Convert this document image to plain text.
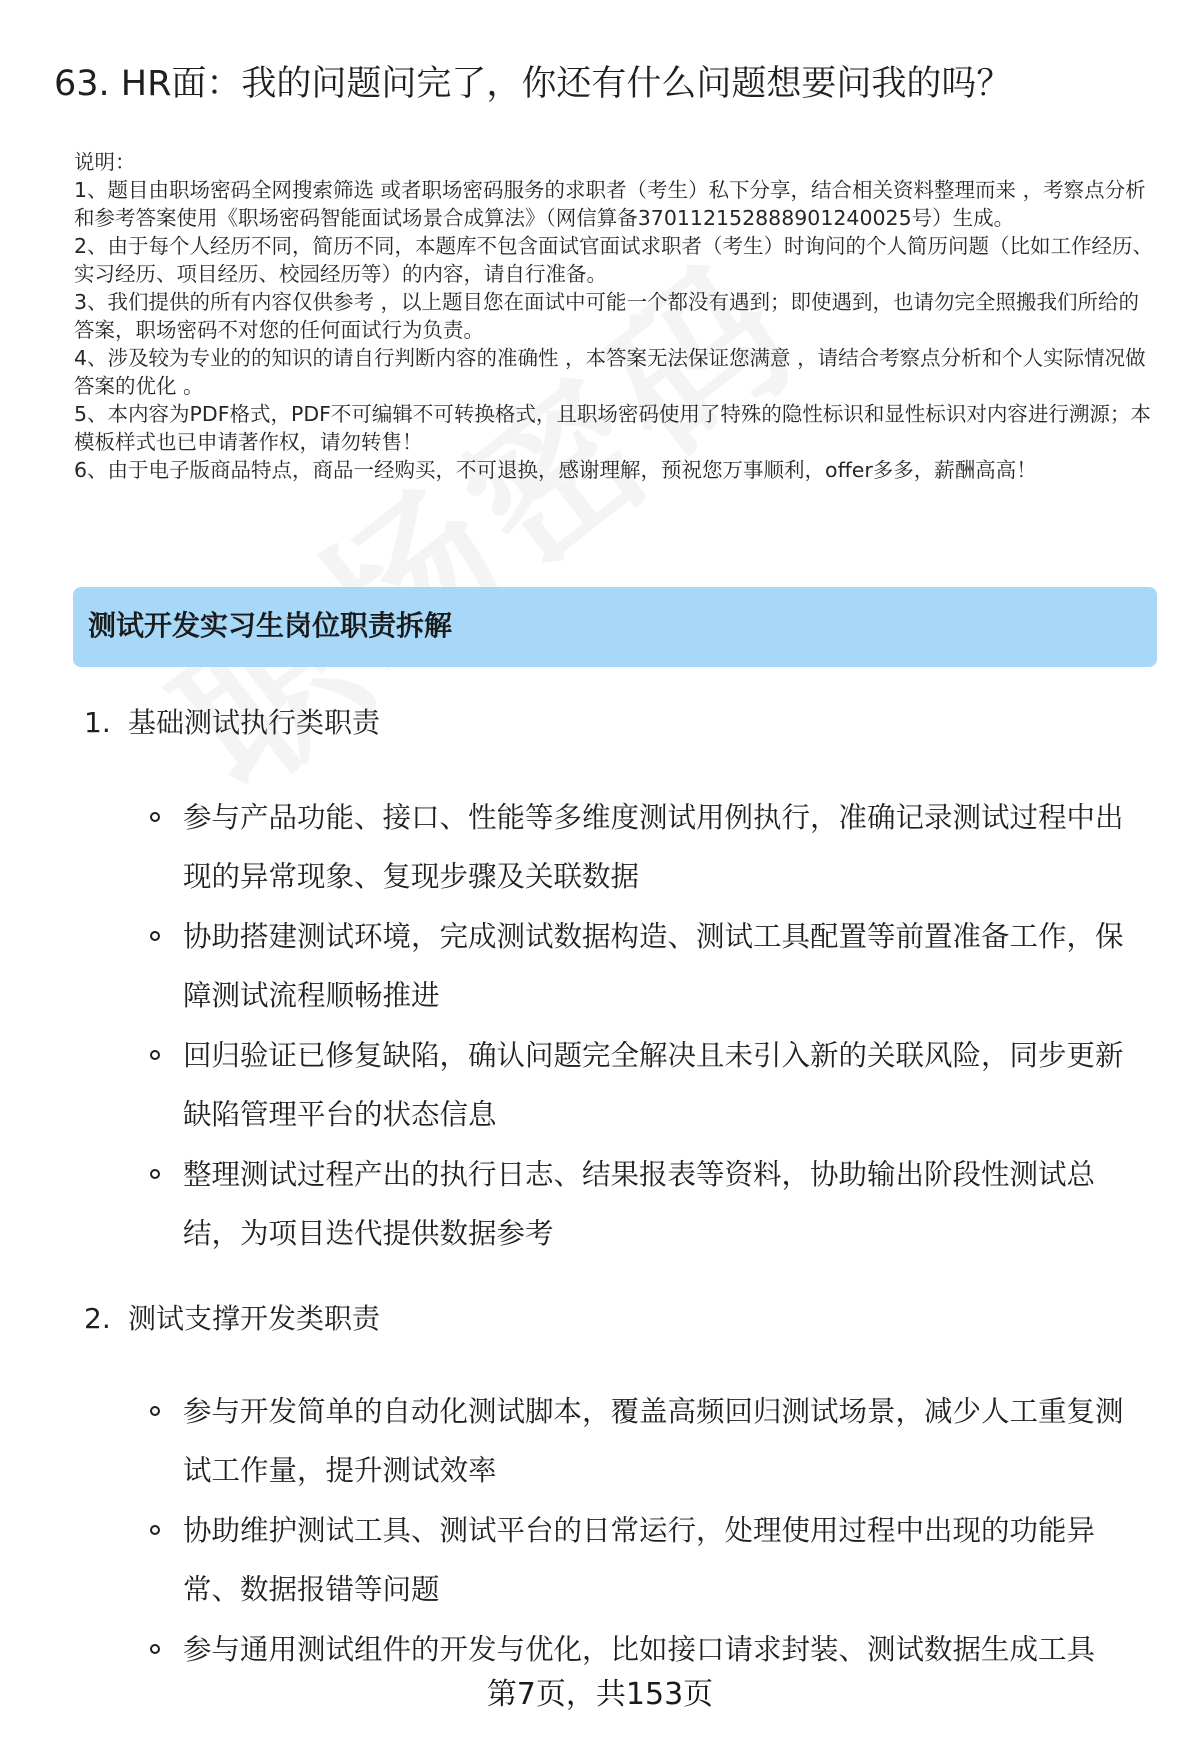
63. HR面：我的问题问完了，你还有什么问题想要问我的吗？

说明：

1、题目由职场密码全网搜索筛选 或者职场密码服务的求职者（考生）私下分享，结合相关资料整理而来 ，考察点分析和参考答案使用《职场密码智能面试场景合成算法》（网信算备370112152888901240025号）生成。

2、由于每个人经历不同，简历不同，本题库不包含面试官面试求职者（考生）时询问的个人简历问题（比如工作经历、实习经历、项目经历、校园经历等）的内容，请自行准备。

3、我们提供的所有内容仅供参考 ，以上题目您在面试中可能一个都没有遇到；即使遇到，也请勿完全照搬我们所给的答案，职场密码不对您的任何面试行为负责。

4、涉及较为专业的的知识的请自行判断内容的准确性 ，本答案无法保证您满意 ，请结合考察点分析和个人实际情况做答案的优化 。

5、本内容为PDF格式，PDF不可编辑不可转换格式，且职场密码使用了特殊的隐性标识和显性标识对内容进行溯源；本模板样式也已申请著作权，请勿转售！

6、由于电子版商品特点，商品一经购买，不可退换，感谢理解，预祝您万事顺利，offer多多，薪酬高高！

测试开发实习生岗位职责拆解
1. 基础测试执行类职责
参与产品功能、接口、性能等多维度测试用例执行，准确记录测试过程中出现的异常现象、复现步骤及关联数据
协助搭建测试环境，完成测试数据构造、测试工具配置等前置准备工作，保障测试流程顺畅推进
回归验证已修复缺陷，确认问题完全解决且未引入新的关联风险，同步更新缺陷管理平台的状态信息
整理测试过程产出的执行日志、结果报表等资料，协助输出阶段性测试总结，为项目迭代提供数据参考
2. 测试支撑开发类职责
参与开发简单的自动化测试脚本，覆盖高频回归测试场景，减少人工重复测试工作量，提升测试效率
协助维护测试工具、测试平台的日常运行，处理使用过程中出现的功能异常、数据报错等问题
参与通用测试组件的开发与优化，比如接口请求封装、测试数据生成工具
第7页，共153页
